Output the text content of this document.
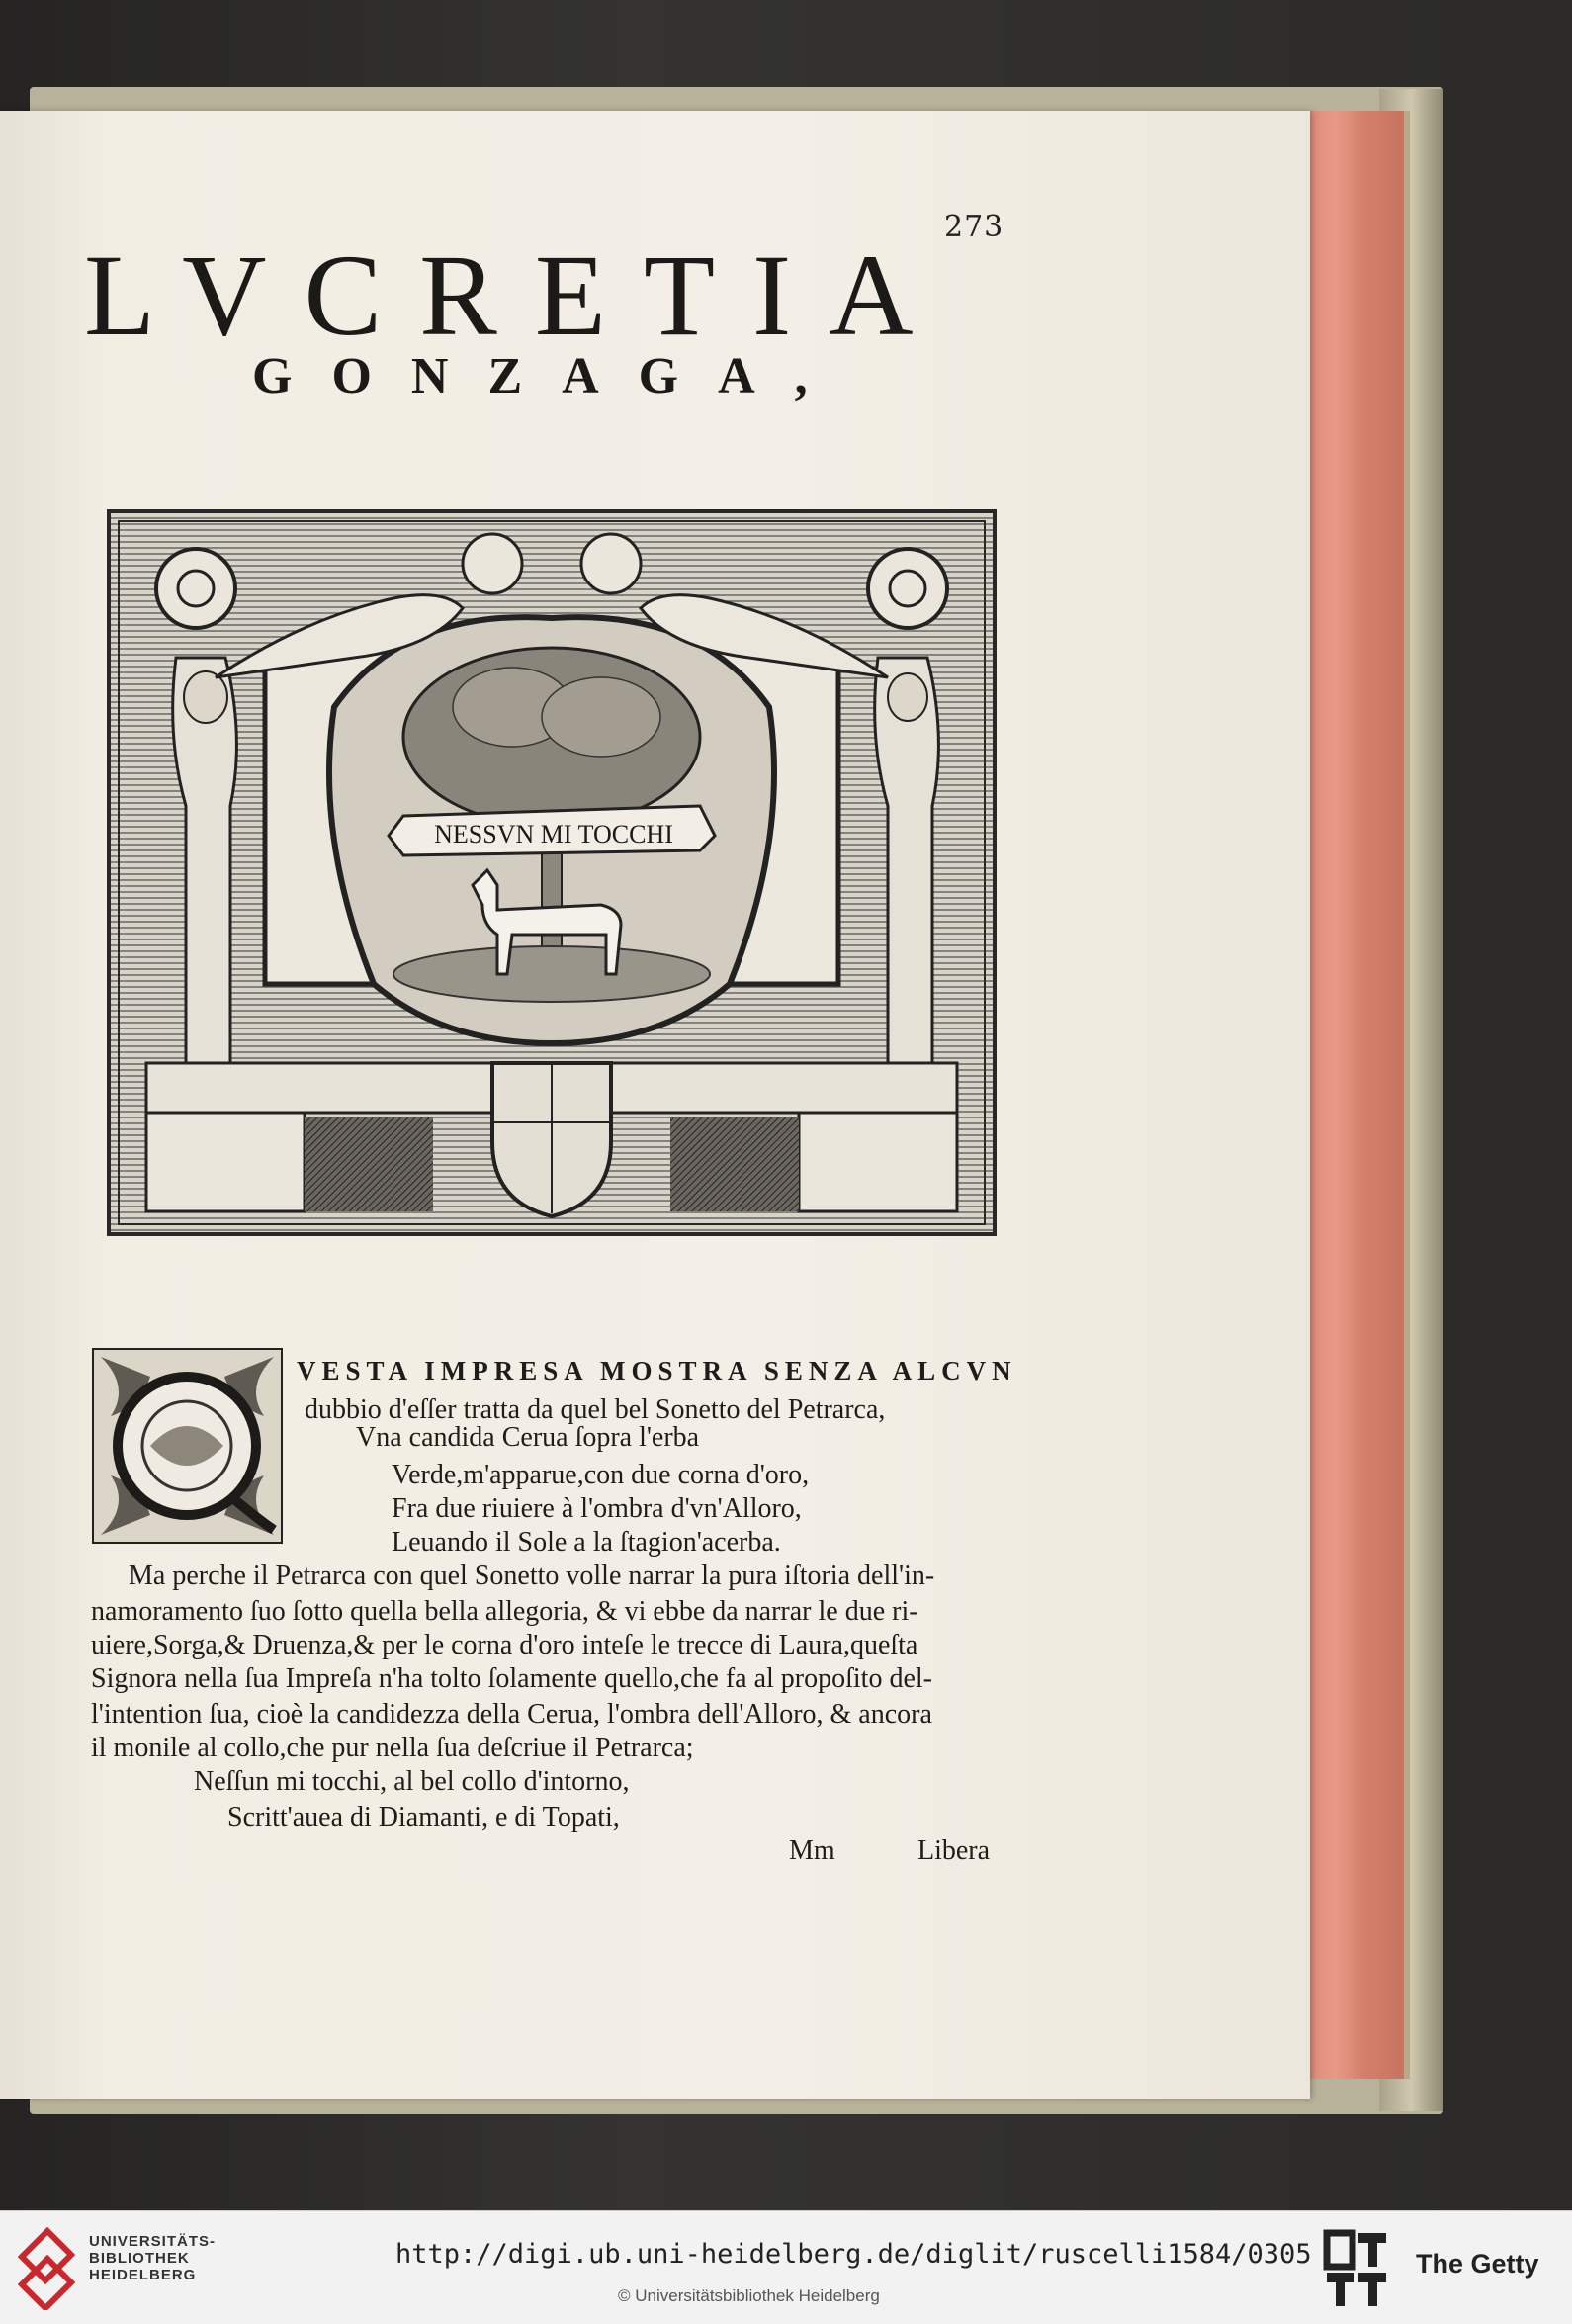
273
LVCRETIA
GONZAGA,
NESSVN MI TOCCHI
VESTA IMPRESA MOSTRA SENZA ALCVN
dubbio d'eſſer tratta da quel bel Sonetto del Petrarca,
Vna candida Cerua ſopra l'erba
Verde,m'apparue,con due corna d'oro,
Fra due riuiere à l'ombra d'vn'Alloro,
Leuando il Sole a la ſtagion'acerba.
Ma perche il Petrarca con quel Sonetto volle narrar la pura iſtoria dell'in-
namoramento ſuo ſotto quella bella allegoria, & vi ebbe da narrar le due ri-
uiere,Sorga,& Druenza,& per le corna d'oro inteſe le trecce di Laura,queſta
Signora nella ſua Impreſa n'ha tolto ſolamente quello,che fa al propoſito del-
l'intention ſua, cioè la candidezza della Cerua, l'ombra dell'Alloro, & ancora
il monile al collo,che pur nella ſua deſcriue il Petrarca;
Neſſun mi tocchi, al bel collo d'intorno,
Scritt'auea di Diamanti, e di Topati,
Mm	Libera
UNIVERSITÄTS-
BIBLIOTHEK
HEIDELBERG
http://digi.ub.uni-heidelberg.de/diglit/ruscelli1584/0305
© Universitätsbibliothek Heidelberg
The Getty
